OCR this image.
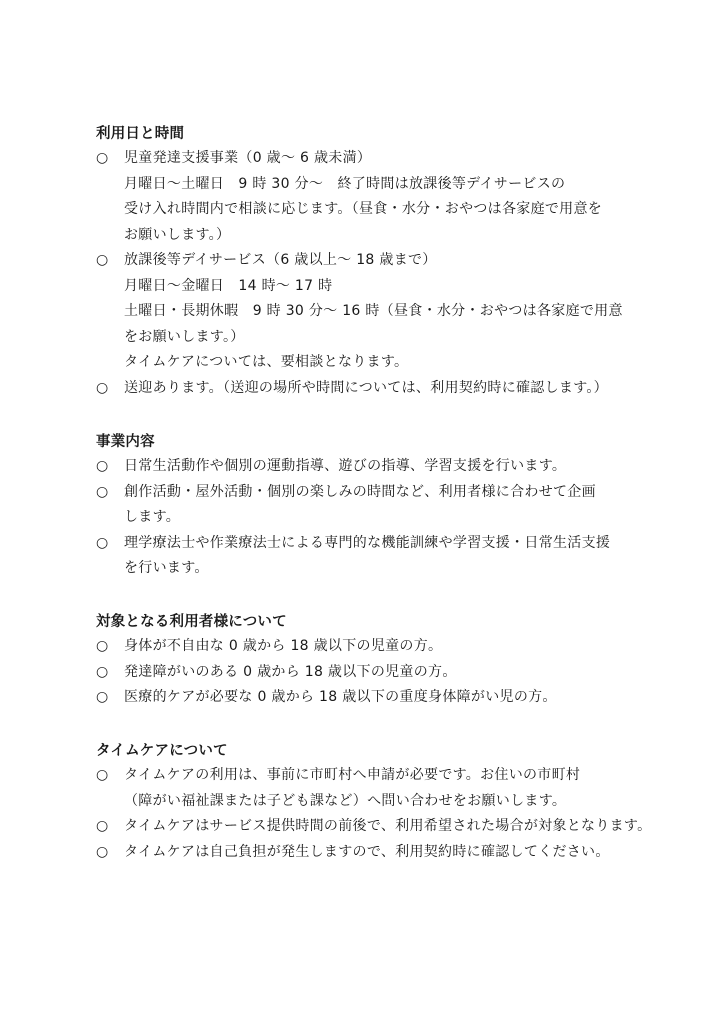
利用日と時間
○ 児童発達支援事業（0 歳～ 6 歳未満）
月曜日～土曜日　9 時 30 分～　終了時間は放課後等デイサービスの
受け入れ時間内で相談に応じます。（昼食・水分・おやつは各家庭で用意を
お願いします。）
○ 放課後等デイサービス（6 歳以上～ 18 歳まで）
月曜日～金曜日　14 時～ 17 時
土曜日・長期休暇　9 時 30 分～ 16 時（昼食・水分・おやつは各家庭で用意
をお願いします。）
タイムケアについては、要相談となります。
○ 送迎あります。（送迎の場所や時間については、利用契約時に確認します。）
事業内容
○ 日常生活動作や個別の運動指導、遊びの指導、学習支援を行います。
○ 創作活動・屋外活動・個別の楽しみの時間など、利用者様に合わせて企画
します。
○ 理学療法士や作業療法士による専門的な機能訓練や学習支援・日常生活支援
を行います。
対象となる利用者様について
○ 身体が不自由な 0 歳から 18 歳以下の児童の方。
○ 発達障がいのある 0 歳から 18 歳以下の児童の方。
○ 医療的ケアが必要な 0 歳から 18 歳以下の重度身体障がい児の方。
タイムケアについて
○ タイムケアの利用は、事前に市町村へ申請が必要です。お住いの市町村
（障がい福祉課または子ども課など）へ問い合わせをお願いします。
○ タイムケアはサービス提供時間の前後で、利用希望された場合が対象となります。
○ タイムケアは自己負担が発生しますので、利用契約時に確認してください。
